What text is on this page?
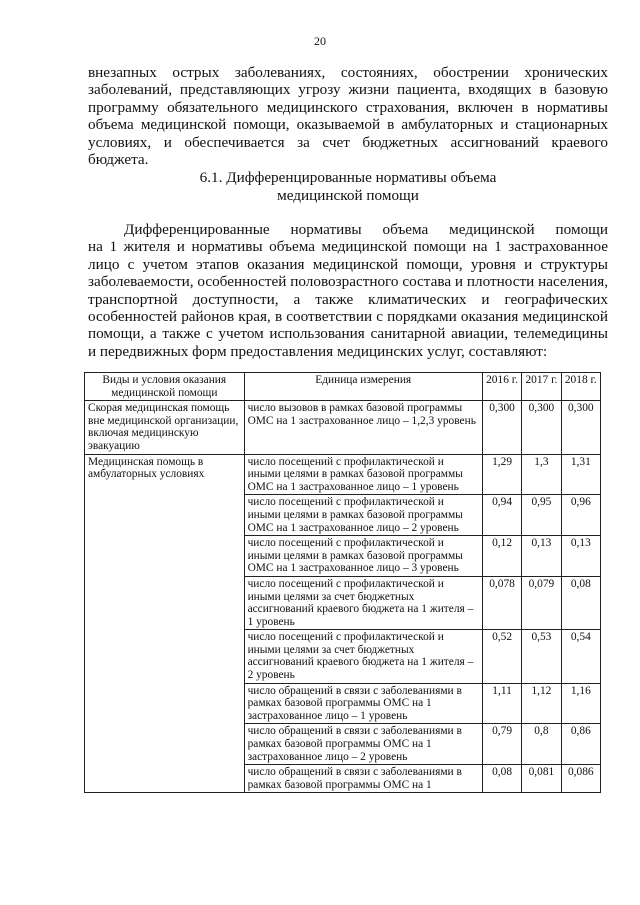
20
внезапных острых заболеваниях, состояниях, обострении хронических заболеваний, представляющих угрозу жизни пациента, входящих в базовую программу обязательного медицинского страхования, включен в нормативы объема медицинской помощи, оказываемой в амбулаторных и стационарных условиях, и обеспечивается за счет бюджетных ассигнований краевого бюджета.
6.1. Дифференцированные нормативы объема
медицинской помощи
Дифференцированные нормативы объема медицинской помощи
на 1 жителя и нормативы объема медицинской помощи на 1 застрахованное
лицо с учетом этапов оказания медицинской помощи, уровня и структуры
заболеваемости, особенностей половозрастного состава и плотности населения,
транспортной доступности, а также климатических и географических
особенностей районов края, в соответствии с порядками оказания медицинской
помощи, а также с учетом использования санитарной авиации, телемедицины
и передвижных форм предоставления медицинских услуг, составляют:
Виды и условия оказания медицинской помощи	Единица измерения	2016 г.	2017 г.	2018 г.
Скорая медицинская помощь вне медицинской организации, включая медицинскую эвакуацию	число вызовов в рамках базовой программы ОМС на 1 застрахованное лицо – 1,2,3 уровень	0,300	0,300	0,300
Медицинская помощь в амбулаторных условиях	число посещений с профилактической и иными целями в рамках базовой программы ОМС на 1 застрахованное лицо – 1 уровень	1,29	1,3	1,31
	число посещений с профилактической и иными целями в рамках базовой программы ОМС на 1 застрахованное лицо – 2 уровень	0,94	0,95	0,96
	число посещений с профилактической и иными целями в рамках базовой программы ОМС на 1 застрахованное лицо – 3 уровень	0,12	0,13	0,13
	число посещений с профилактической и иными целями за счет бюджетных ассигнований краевого бюджета на 1 жителя – 1 уровень	0,078	0,079	0,08
	число посещений с профилактической и иными целями за счет бюджетных ассигнований краевого бюджета на 1 жителя – 2 уровень	0,52	0,53	0,54
	число обращений в связи с заболеваниями в рамках базовой программы ОМС на 1 застрахованное лицо – 1 уровень	1,11	1,12	1,16
	число обращений в связи с заболеваниями в рамках базовой программы ОМС на 1 застрахованное лицо – 2 уровень	0,79	0,8	0,86
	число обращений в связи с заболеваниями в рамках базовой программы ОМС на 1	0,08	0,081	0,086
